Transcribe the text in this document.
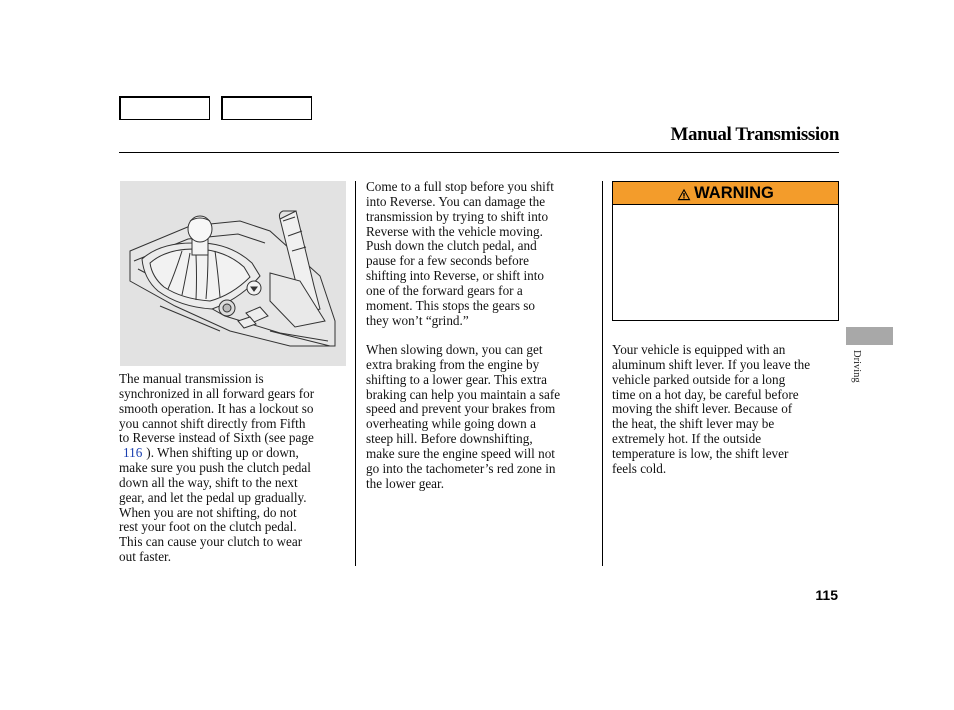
Manual Transmission
The manual transmission is
synchronized in all forward gears for
smooth operation. It has a lockout so
you cannot shift directly from Fifth
to Reverse instead of Sixth (see page
116 ). When shifting up or down,
make sure you push the clutch pedal
down all the way, shift to the next
gear, and let the pedal up gradually.
When you are not shifting, do not
rest your foot on the clutch pedal.
This can cause your clutch to wear
out faster.
Come to a full stop before you shift
into Reverse. You can damage the
transmission by trying to shift into
Reverse with the vehicle moving.
Push down the clutch pedal, and
pause for a few seconds before
shifting into Reverse, or shift into
one of the forward gears for a
moment. This stops the gears so
they won’t “grind.”
When slowing down, you can get
extra braking from the engine by
shifting to a lower gear. This extra
braking can help you maintain a safe
speed and prevent your brakes from
overheating while going down a
steep hill. Before downshifting,
make sure the engine speed will not
go into the tachometer’s red zone in
the lower gear.
WARNING
Your vehicle is equipped with an
aluminum shift lever. If you leave the
vehicle parked outside for a long
time on a hot day, be careful before
moving the shift lever. Because of
the heat, the shift lever may be
extremely hot. If the outside
temperature is low, the shift lever
feels cold.
Driving
115
